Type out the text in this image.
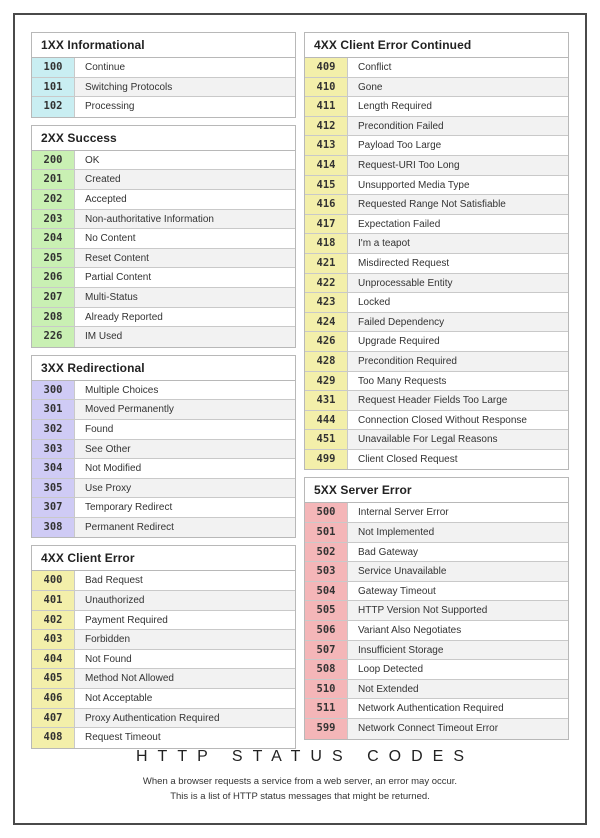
1XX Informational
100	Continue
101	Switching Protocols
102	Processing
2XX Success
200	OK
201	Created
202	Accepted
203	Non-authoritative Information
204	No Content
205	Reset Content
206	Partial Content
207	Multi-Status
208	Already Reported
226	IM Used
3XX Redirectional
300	Multiple Choices
301	Moved Permanently
302	Found
303	See Other
304	Not Modified
305	Use Proxy
307	Temporary Redirect
308	Permanent Redirect
4XX Client Error
400	Bad Request
401	Unauthorized
402	Payment Required
403	Forbidden
404	Not Found
405	Method Not Allowed
406	Not Acceptable
407	Proxy Authentication Required
408	Request Timeout
4XX Client Error Continued
409	Conflict
410	Gone
411	Length Required
412	Precondition Failed
413	Payload Too Large
414	Request-URI Too Long
415	Unsupported Media Type
416	Requested Range Not Satisfiable
417	Expectation Failed
418	I'm a teapot
421	Misdirected Request
422	Unprocessable Entity
423	Locked
424	Failed Dependency
426	Upgrade Required
428	Precondition Required
429	Too Many Requests
431	Request Header Fields Too Large
444	Connection Closed Without Response
451	Unavailable For Legal Reasons
499	Client Closed Request
5XX Server Error
500	Internal Server Error
501	Not Implemented
502	Bad Gateway
503	Service Unavailable
504	Gateway Timeout
505	HTTP Version Not Supported
506	Variant Also Negotiates
507	Insufficient Storage
508	Loop Detected
510	Not Extended
511	Network Authentication Required
599	Network Connect Timeout Error
HTTP STATUS CODES
When a browser requests a service from a web server, an error may occur.
This is a list of HTTP status messages that might be returned.
